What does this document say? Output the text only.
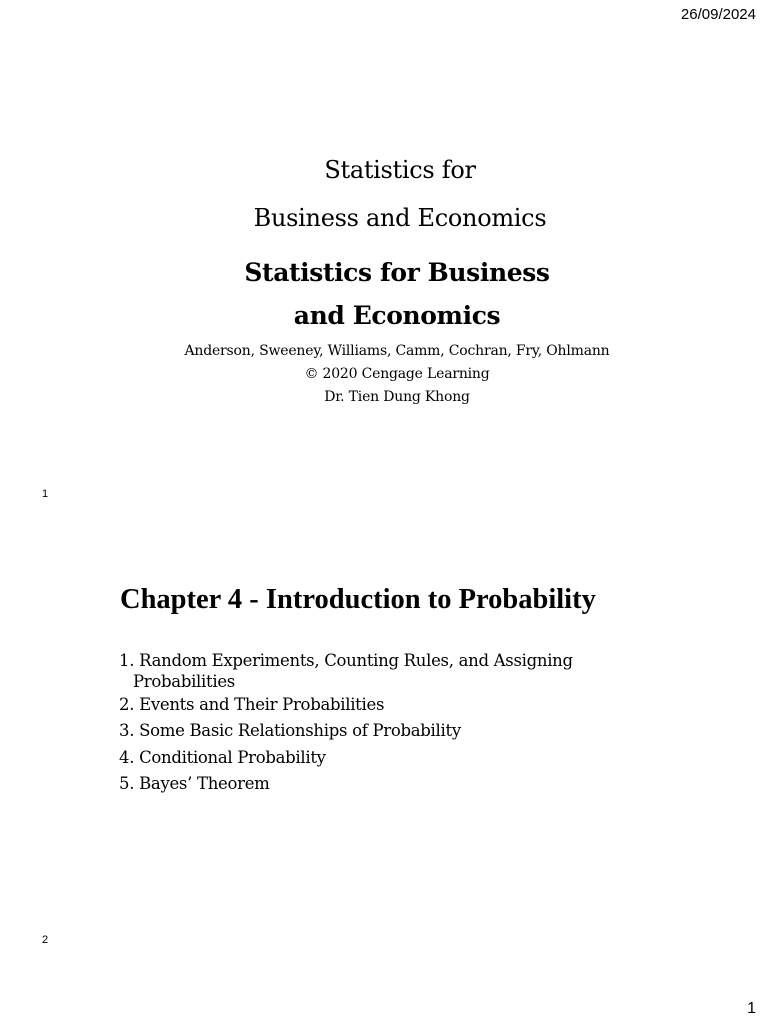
26/09/2024
Statistics for
Business and Economics
Statistics for Business
and Economics
Anderson, Sweeney, Williams, Camm, Cochran, Fry, Ohlmann
© 2020 Cengage Learning
Dr. Tien Dung Khong
1
Chapter 4 - Introduction to Probability
1. Random Experiments, Counting Rules, and Assigning
Probabilities
2. Events and Their Probabilities
3. Some Basic Relationships of Probability
4. Conditional Probability
5. Bayes’ Theorem
2
1
